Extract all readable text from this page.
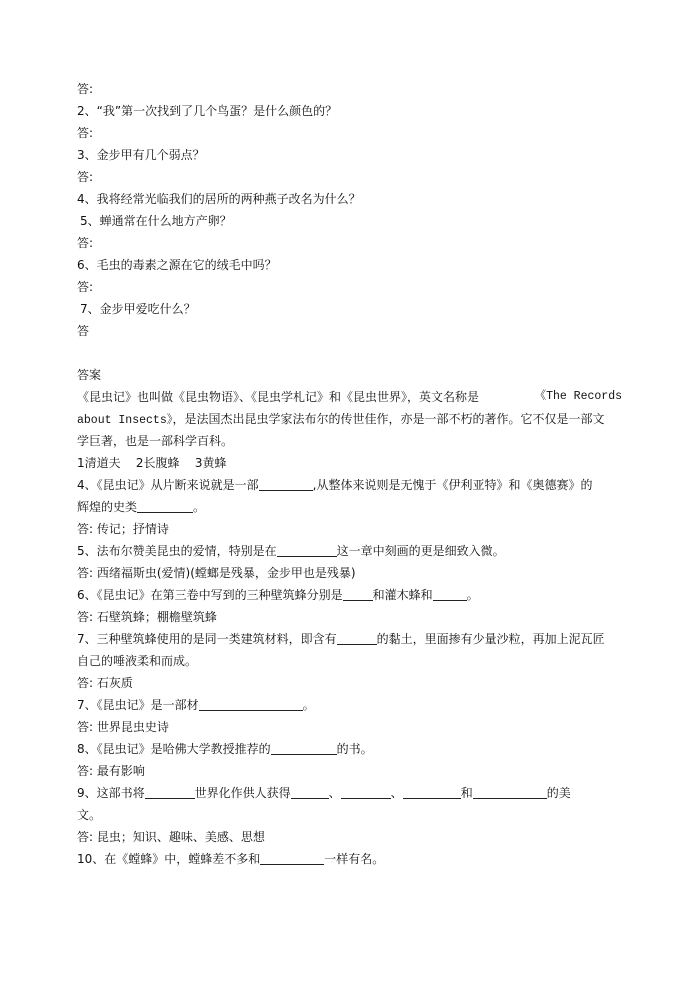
答:
2、“我”第一次找到了几个鸟蛋？是什么颜色的？
答:
3、金步甲有几个弱点？
答:
4、我将经常光临我们的居所的两种燕子改名为什么？
5、蝉通常在什么地方产卵？
答:
6、毛虫的毒素之源在它的绒毛中吗？
答:
7、金步甲爱吃什么？
答
答案
《昆虫记》也叫做《昆虫物语》、《昆虫学札记》和《昆虫世界》，英文名称是	《The Records
about Insects》，是法国杰出昆虫学家法布尔的传世佳作，亦是一部不朽的著作。它不仅是一部文
学巨著，也是一部科学百科。
1清道夫 2长腹蜂 3黄蜂
4、《昆虫记》从片断来说就是一部	,从整体来说则是无愧于《伊利亚特》和《奥德赛》的
辉煌的史类	。
答: 传记；抒情诗
5、法布尔赞美昆虫的爱情，特别是在	这一章中刻画的更是细致入微。
答: 西绪福斯虫(爱情)(螳螂是残暴，金步甲也是残暴)
6、《昆虫记》在第三卷中写到的三种壁筑蜂分别是	和灌木蜂和	。
答: 石壁筑蜂；棚檐壁筑蜂
7、三种壁筑蜂使用的是同一类建筑材料，即含有	的黏土，里面掺有少量沙粒，再加上泥瓦匠
自己的唾液柔和而成。
答: 石灰质
7、《昆虫记》是一部材	。
答: 世界昆虫史诗
8、《昆虫记》是哈佛大学教授推荐的	的书。
答: 最有影响
9、这部书将	世界化作供人获得	、	、	和	的美
文。
答: 昆虫；知识、趣味、美感、思想
10、在《螳蜂》中，螳蜂差不多和	一样有名。
